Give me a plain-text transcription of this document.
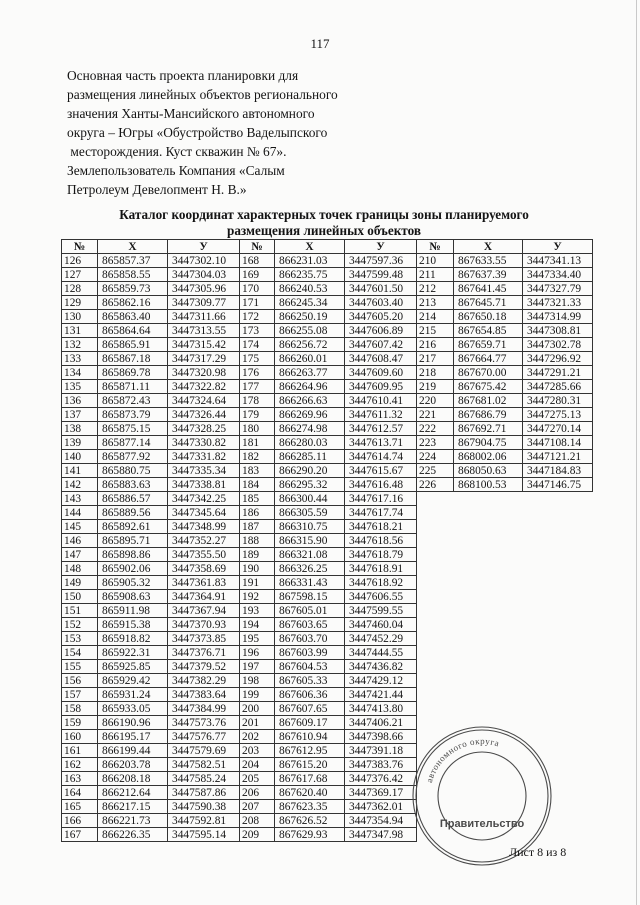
117
Основная часть проекта планировки для
размещения линейных объектов регионального
значения Ханты-Мансийского автономного
округа – Югры «Обустройство Ваделыпского
месторождения. Куст скважин № 67».
Землепользователь Компания «Салым
Петролеум Девелопмент Н. В.»
Каталог координат характерных точек границы зоны планируемого
размещения линейных объектов
№	X	У	№	X	У	№	X	У
126	865857.37	3447302.10	168	866231.03	3447597.36	210	867633.55	3447341.13
127	865858.55	3447304.03	169	866235.75	3447599.48	211	867637.39	3447334.40
128	865859.73	3447305.96	170	866240.53	3447601.50	212	867641.45	3447327.79
129	865862.16	3447309.77	171	866245.34	3447603.40	213	867645.71	3447321.33
130	865863.40	3447311.66	172	866250.19	3447605.20	214	867650.18	3447314.99
131	865864.64	3447313.55	173	866255.08	3447606.89	215	867654.85	3447308.81
132	865865.91	3447315.42	174	866256.72	3447607.42	216	867659.71	3447302.78
133	865867.18	3447317.29	175	866260.01	3447608.47	217	867664.77	3447296.92
134	865869.78	3447320.98	176	866263.77	3447609.60	218	867670.00	3447291.21
135	865871.11	3447322.82	177	866264.96	3447609.95	219	867675.42	3447285.66
136	865872.43	3447324.64	178	866266.63	3447610.41	220	867681.02	3447280.31
137	865873.79	3447326.44	179	866269.96	3447611.32	221	867686.79	3447275.13
138	865875.15	3447328.25	180	866274.98	3447612.57	222	867692.71	3447270.14
139	865877.14	3447330.82	181	866280.03	3447613.71	223	867904.75	3447108.14
140	865877.92	3447331.82	182	866285.11	3447614.74	224	868002.06	3447121.21
141	865880.75	3447335.34	183	866290.20	3447615.67	225	868050.63	3447184.83
142	865883.63	3447338.81	184	866295.32	3447616.48	226	868100.53	3447146.75
143	865886.57	3447342.25	185	866300.44	3447617.16			
144	865889.56	3447345.64	186	866305.59	3447617.74			
145	865892.61	3447348.99	187	866310.75	3447618.21			
146	865895.71	3447352.27	188	866315.90	3447618.56			
147	865898.86	3447355.50	189	866321.08	3447618.79			
148	865902.06	3447358.69	190	866326.25	3447618.91			
149	865905.32	3447361.83	191	866331.43	3447618.92			
150	865908.63	3447364.91	192	867598.15	3447606.55			
151	865911.98	3447367.94	193	867605.01	3447599.55			
152	865915.38	3447370.93	194	867603.65	3447460.04			
153	865918.82	3447373.85	195	867603.70	3447452.29			
154	865922.31	3447376.71	196	867603.99	3447444.55			
155	865925.85	3447379.52	197	867604.53	3447436.82			
156	865929.42	3447382.29	198	867605.33	3447429.12			
157	865931.24	3447383.64	199	867606.36	3447421.44			
158	865933.05	3447384.99	200	867607.65	3447413.80			
159	866190.96	3447573.76	201	867609.17	3447406.21			
160	866195.17	3447576.77	202	867610.94	3447398.66			
161	866199.44	3447579.69	203	867612.95	3447391.18			
162	866203.78	3447582.51	204	867615.20	3447383.76			
163	866208.18	3447585.24	205	867617.68	3447376.42			
164	866212.64	3447587.86	206	867620.40	3447369.17			
165	866217.15	3447590.38	207	867623.35	3447362.01			
166	866221.73	3447592.81	208	867626.52	3447354.94			
167	866226.35	3447595.14	209	867629.93	3447347.98			
автономного округа
Правительство
Лист 8 из 8
